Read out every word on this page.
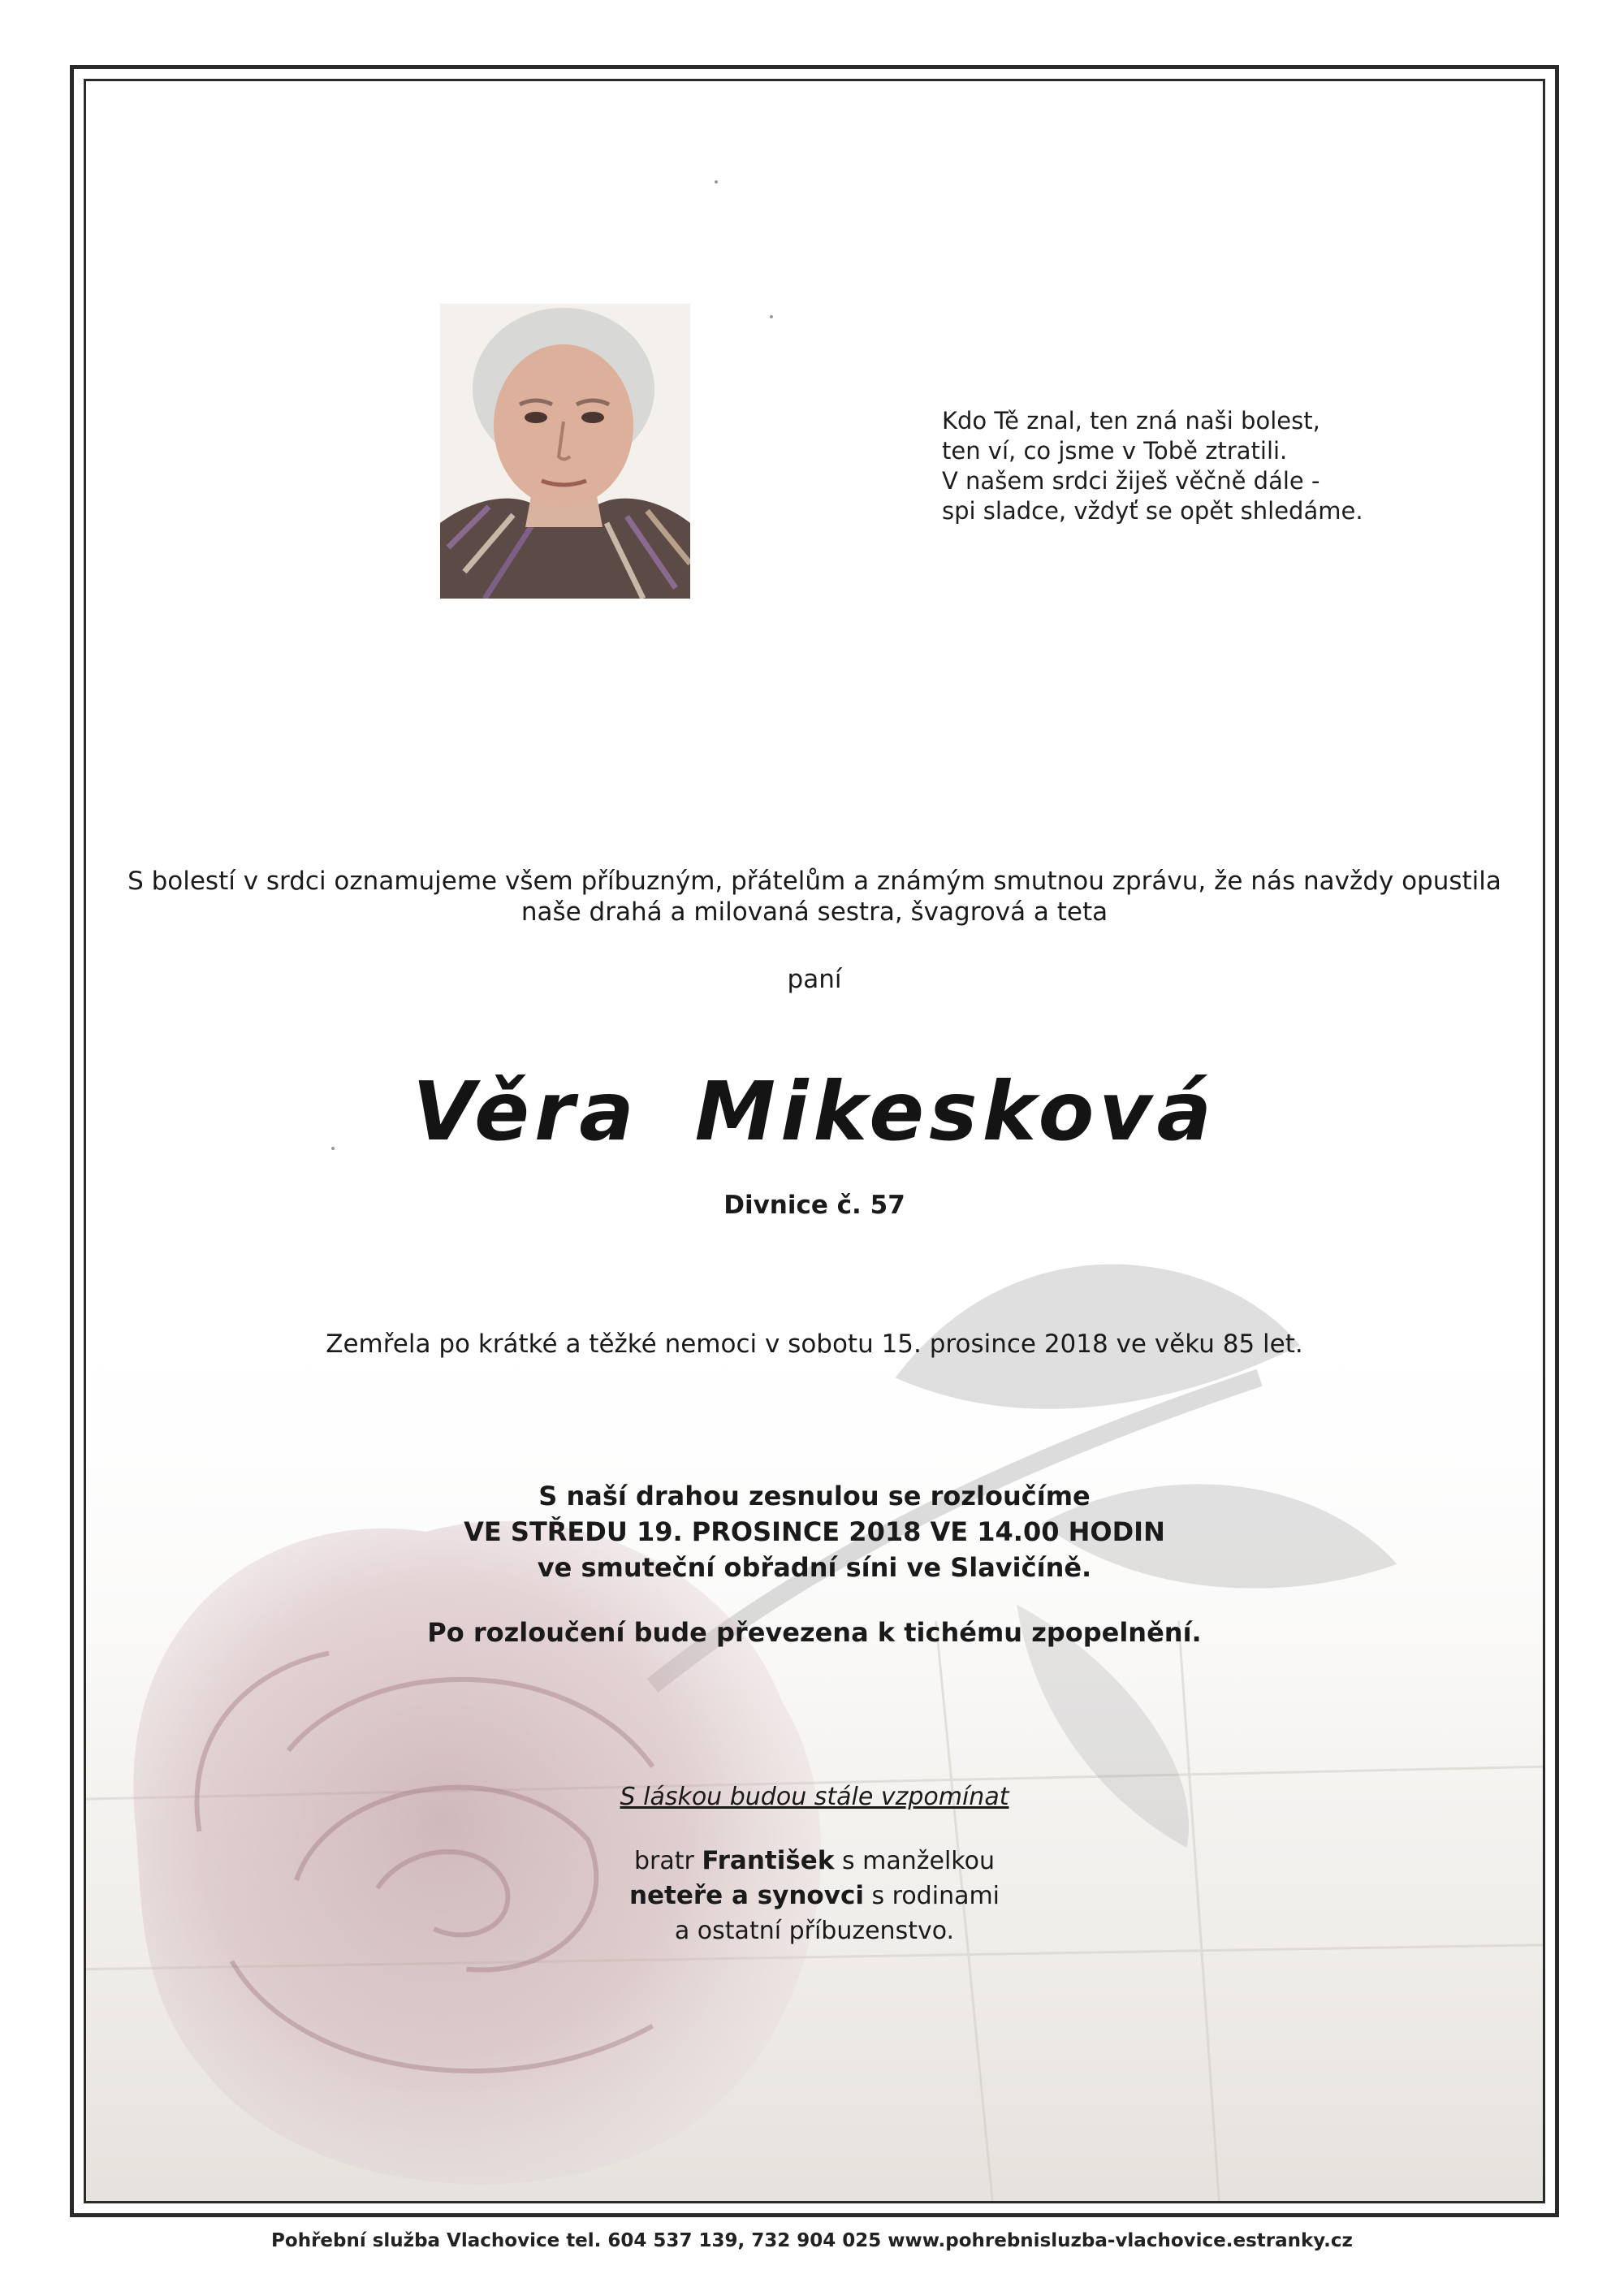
Kdo Tě znal, ten zná naši bolest,
ten ví, co jsme v Tobě ztratili.
V našem srdci žiješ věčně dále -
spi sladce, vždyť se opět shledáme.
S bolestí v srdci oznamujeme všem příbuzným, přátelům a známým smutnou zprávu, že nás navždy opustila
naše drahá a milovaná sestra, švagrová a teta
paní
Věra Mikesková
Divnice č. 57
Zemřela po krátké a těžké nemoci v sobotu 15. prosince 2018 ve věku 85 let.
S naší drahou zesnulou se rozloučíme
VE STŘEDU 19. PROSINCE 2018 VE 14.00 HODIN
ve smuteční obřadní síni ve Slavičíně.
Po rozloučení bude převezena k tichému zpopelnění.
S láskou budou stále vzpomínat
bratr František s manželkou
neteře a synovci s rodinami
a ostatní příbuzenstvo.
Pohřební služba Vlachovice tel. 604 537 139, 732 904 025 www.pohrebnisluzba-vlachovice.estranky.cz
